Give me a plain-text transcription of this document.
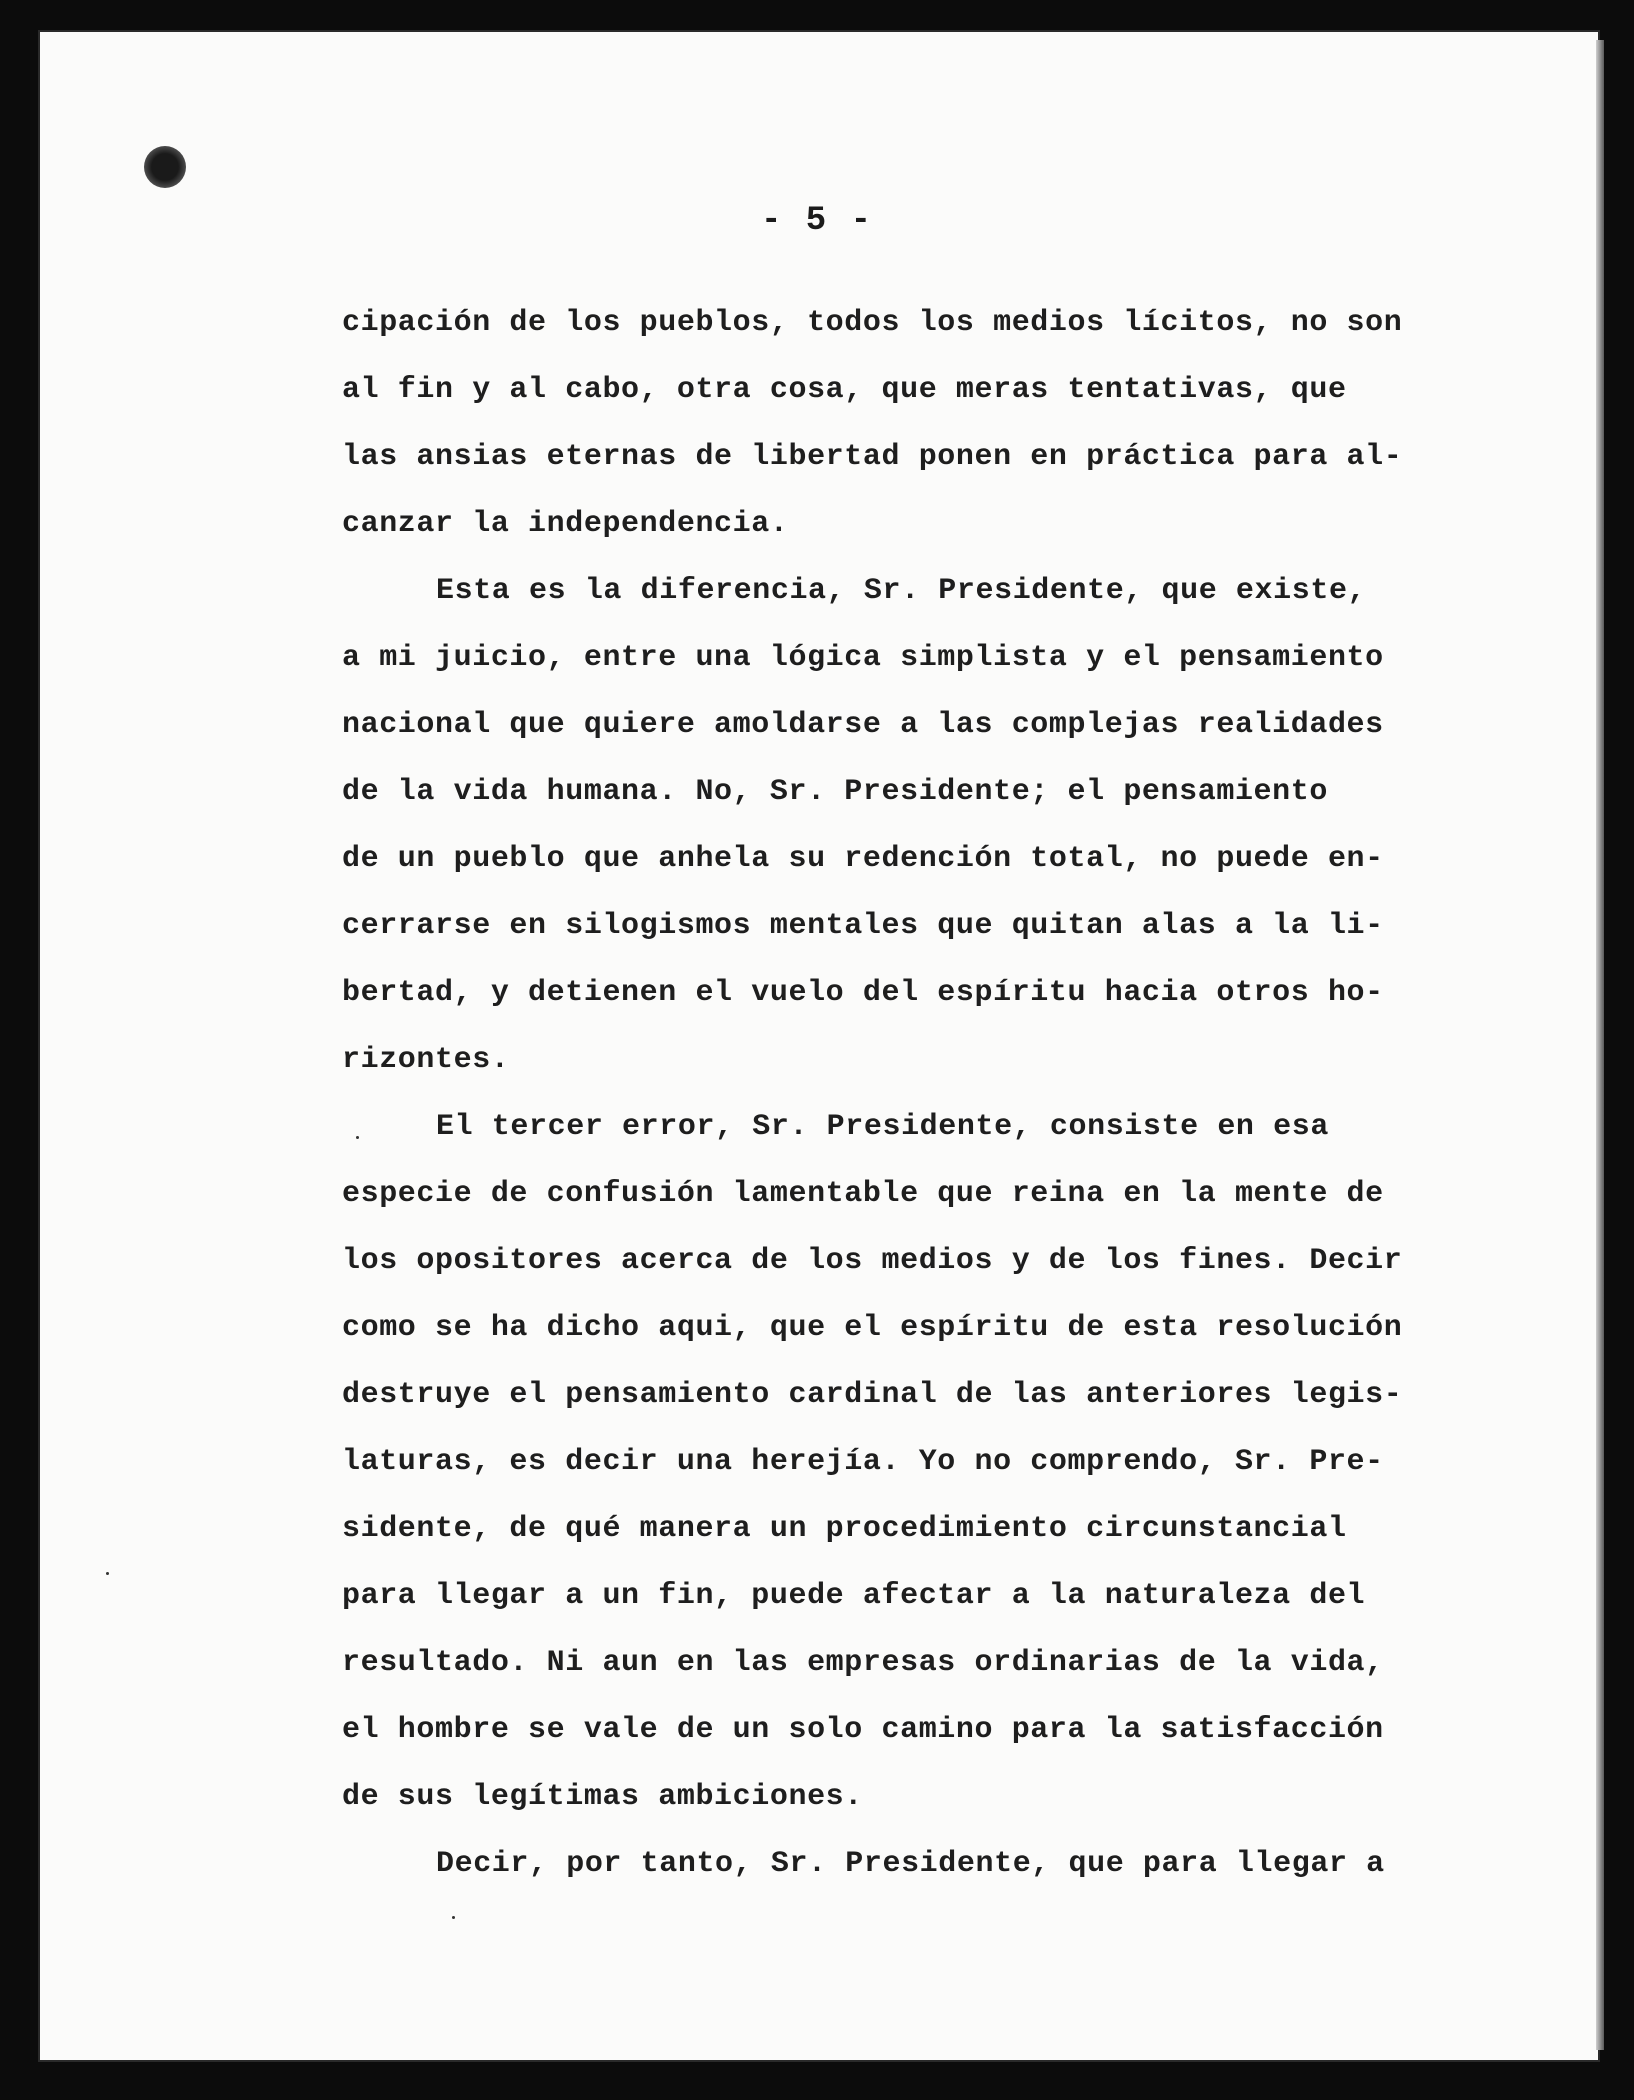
- 5 -
cipación de los pueblos, todos los medios lícitos, no son
al fin y al cabo, otra cosa, que meras tentativas, que
las ansias eternas de libertad ponen en práctica para al-
canzar la independencia.
Esta es la diferencia, Sr. Presidente, que existe,
a mi juicio, entre una lógica simplista y el pensamiento
nacional que quiere amoldarse a las complejas realidades
de la vida humana. No, Sr. Presidente; el pensamiento
de un pueblo que anhela su redención total, no puede en-
cerrarse en silogismos mentales que quitan alas a la li-
bertad, y detienen el vuelo del espíritu hacia otros ho-
rizontes.
El tercer error, Sr. Presidente, consiste en esa
especie de confusión lamentable que reina en la mente de
los opositores acerca de los medios y de los fines. Decir
como se ha dicho aqui, que el espíritu de esta resolución
destruye el pensamiento cardinal de las anteriores legis-
laturas, es decir una herejía. Yo no comprendo, Sr. Pre-
sidente, de qué manera un procedimiento circunstancial
para llegar a un fin, puede afectar a la naturaleza del
resultado. Ni aun en las empresas ordinarias de la vida,
el hombre se vale de un solo camino para la satisfacción
de sus legítimas ambiciones.
Decir, por tanto, Sr. Presidente, que para llegar a
